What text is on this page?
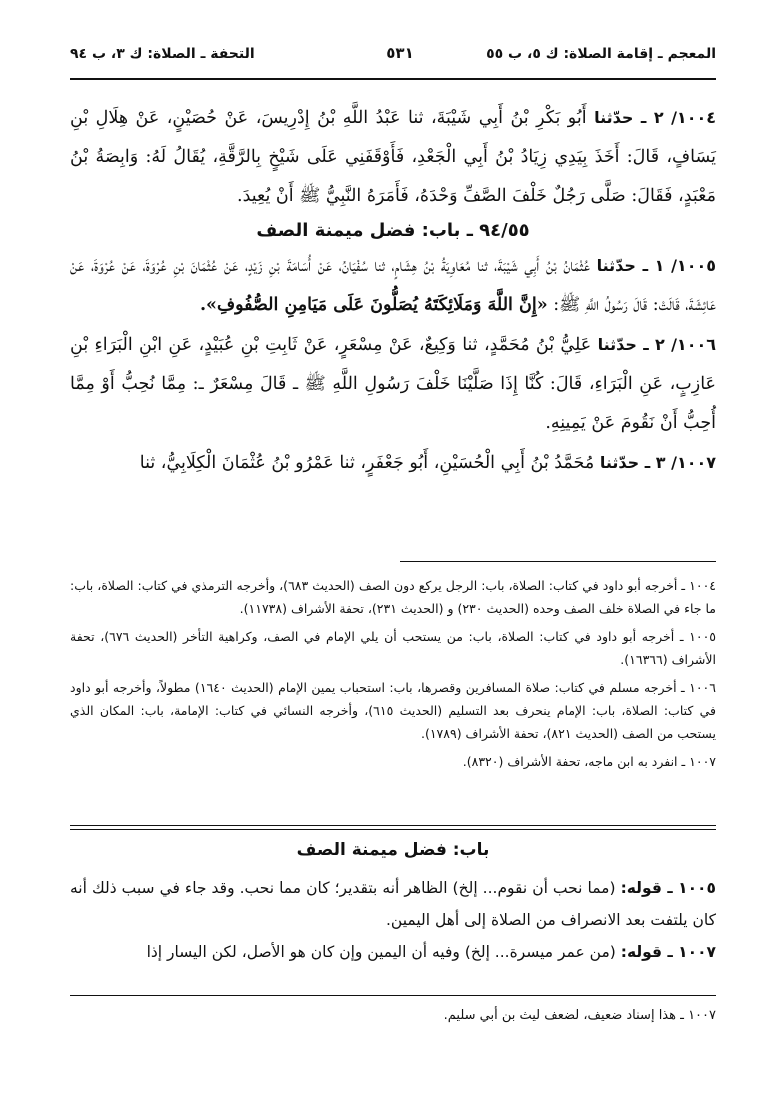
المعجم ـ إقامة الصلاة: ك ٥، ب ٥٥
٥٣١
التحفة ـ الصلاة: ك ٣، ب ٩٤

١٠٠٤/ ٢ ـ حدّثنا أَبُو بَكْرِ بْنُ أَبِي شَيْبَةَ، ثنا عَبْدُ اللَّهِ بْنُ إِدْرِيسَ، عَنْ حُصَيْنٍ، عَنْ هِلَالِ بْنِ يَسَافٍ، قَالَ: أَخَذَ بِيَدِي زِيَادُ بْنُ أَبِي الْجَعْدِ، فَأَوْقَفَنِي عَلَى شَيْخٍ بِالرَّقَّةِ، يُقَالُ لَهُ: وَابِصَةُ بْنُ مَعْبَدٍ، فَقَالَ: صَلَّى رَجُلٌ خَلْفَ الصَّفِّ وَحْدَهُ، فَأَمَرَهُ النَّبِيُّ ﷺ أَنْ يُعِيدَ.

٩٤/٥٥ ـ باب: فضل ميمنة الصف

١٠٠٥/ ١ ـ حدّثنا عُثْمَانُ بْنُ أَبِي شَيْبَةَ، ثنا مُعَاوِيَةُ بْنُ هِشَامٍ، ثنا سُفْيَانُ، عَنْ أُسَامَةَ بْنِ زَيْدٍ، عَنْ عُثْمَانَ بْنِ عُرْوَةَ، عَنْ عُرْوَةَ، عَنْ عَائِشَةَ، قَالَتْ: قَالَ رَسُولُ اللَّهِ ﷺ: «إِنَّ اللَّهَ وَمَلَائِكَتَهُ يُصَلُّونَ عَلَى مَيَامِنِ الصُّفُوفِ».

١٠٠٦/ ٢ ـ حدّثنا عَلِيُّ بْنُ مُحَمَّدٍ، ثنا وَكِيعٌ، عَنْ مِسْعَرٍ، عَنْ ثَابِتِ بْنِ عُبَيْدٍ، عَنِ ابْنِ الْبَرَاءِ بْنِ عَازِبٍ، عَنِ الْبَرَاءِ، قَالَ: كُنَّا إِذَا صَلَّيْنَا خَلْفَ رَسُولِ اللَّهِ ﷺ ـ قَالَ مِسْعَرٌ ـ: مِمَّا نُحِبُّ أَوْ مِمَّا أُحِبُّ أَنْ نَقُومَ عَنْ يَمِينِهِ.

١٠٠٧/ ٣ ـ حدّثنا مُحَمَّدُ بْنُ أَبِي الْحُسَيْنِ، أَبُو جَعْفَرٍ، ثنا عَمْرُو بْنُ عُثْمَانَ الْكِلَابِيُّ، ثنا

١٠٠٤ ـ أخرجه أبو داود في كتاب: الصلاة، باب: الرجل يركع دون الصف (الحديث ٦٨٣)، وأخرجه الترمذي في كتاب: الصلاة، باب: ما جاء في الصلاة خلف الصف وحده (الحديث ٢٣٠) و (الحديث ٢٣١)، تحفة الأشراف (١١٧٣٨).

١٠٠٥ ـ أخرجه أبو داود في كتاب: الصلاة، باب: من يستحب أن يلي الإمام في الصف، وكراهية التأخر (الحديث ٦٧٦)، تحفة الأشراف (١٦٣٦٦).

١٠٠٦ ـ أخرجه مسلم في كتاب: صلاة المسافرين وقصرها، باب: استحباب يمين الإمام (الحديث ١٦٤٠) مطولاً، وأخرجه أبو داود في كتاب: الصلاة، باب: الإمام ينحرف بعد التسليم (الحديث ٦١٥)، وأخرجه النسائي في كتاب: الإمامة، باب: المكان الذي يستحب من الصف (الحديث ٨٢١)، تحفة الأشراف (١٧٨٩).

١٠٠٧ ـ انفرد به ابن ماجه، تحفة الأشراف (٨٣٢٠).

باب: فضل ميمنة الصف

١٠٠٥ ـ قوله: (مما نحب أن نقوم... إلخ) الظاهر أنه بتقدير؛ كان مما نحب. وقد جاء في سبب ذلك أنه كان يلتفت بعد الانصراف من الصلاة إلى أهل اليمين.

١٠٠٧ ـ قوله: (من عمر ميسرة... إلخ) وفيه أن اليمين وإن كان هو الأصل، لكن اليسار إذا

١٠٠٧ ـ هذا إسناد ضعيف، لضعف ليث بن أبي سليم.
